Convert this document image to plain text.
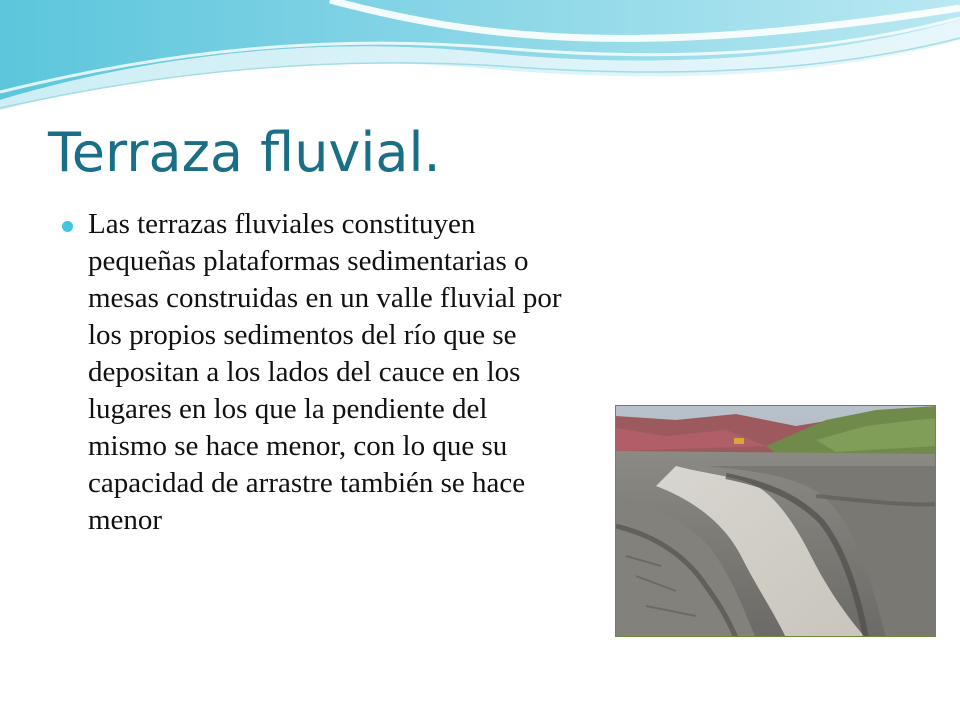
Terraza fluvial.
Las terrazas fluviales constituyen pequeñas plataformas sedimentarias o mesas construidas en un valle fluvial por los propios sedimentos del río que se depositan a los lados del cauce en los lugares en los que la pendiente del mismo se hace menor, con lo que su capacidad de arrastre también se hace menor
